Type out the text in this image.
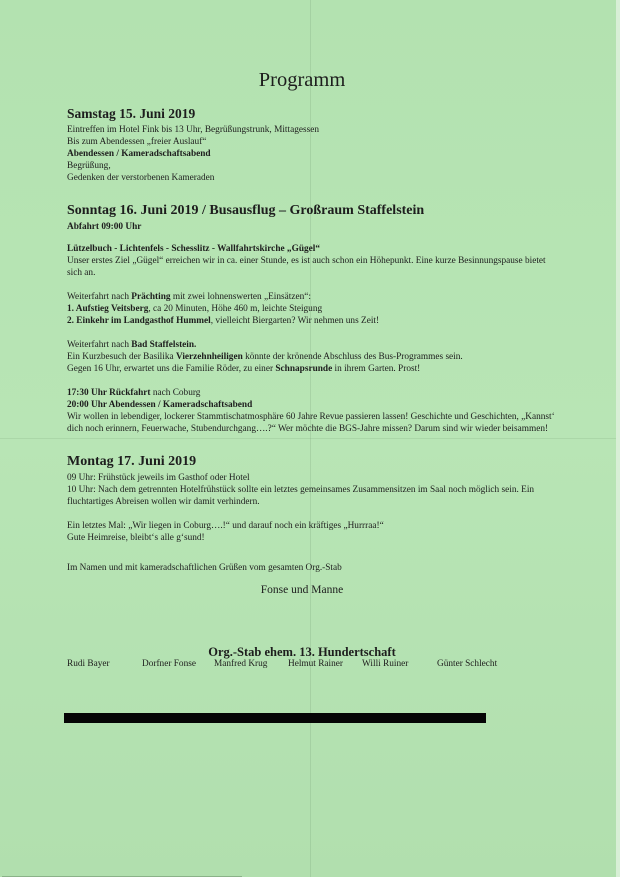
Programm
Samstag 15. Juni 2019

Eintreffen im Hotel Fink bis 13 Uhr, Begrüßungstrunk, Mittagessen

Bis zum Abendessen „freier Auslauf“

Abendessen / Kameradschaftsabend

Begrüßung,

Gedenken der verstorbenen Kameraden

Sonntag 16. Juni 2019 / Busausflug – Großraum Staffelstein

Abfahrt 09:00 Uhr

Lützelbuch - Lichtenfels - Schesslitz - Wallfahrtskirche „Gügel“

Unser erstes Ziel „Gügel“ erreichen wir in ca. einer Stunde, es ist auch schon ein Höhepunkt. Eine kurze Besinnungspause bietet sich an.

Weiterfahrt nach Prächting mit zwei lohnenswerten „Einsätzen“:

1. Aufstieg Veitsberg, ca 20 Minuten, Höhe 460 m, leichte Steigung

2. Einkehr im Landgasthof Hummel, vielleicht Biergarten? Wir nehmen uns Zeit!

Weiterfahrt nach Bad Staffelstein.

Ein Kurzbesuch der Basilika Vierzehnheiligen könnte der krönende Abschluss des Bus-Programmes sein.

Gegen 16 Uhr, erwartet uns die Familie Röder, zu einer Schnapsrunde in ihrem Garten. Prost!

17:30 Uhr Rückfahrt nach Coburg

20:00 Uhr Abendessen / Kameradschaftsabend

Wir wollen in lebendiger, lockerer Stammtischatmosphäre 60 Jahre Revue passieren lassen! Geschichte und Geschichten, „Kannst‘ dich noch erinnern, Feuerwache, Stubendurchgang….?“ Wer möchte die BGS-Jahre missen? Darum sind wir wieder beisammen!

Montag 17. Juni 2019

09 Uhr: Frühstück jeweils im Gasthof oder Hotel

10 Uhr: Nach dem getrennten Hotelfrühstück sollte ein letztes gemeinsames Zusammensitzen im Saal noch möglich sein. Ein fluchtartiges Abreisen wollen wir damit verhindern.

Ein letztes Mal: „Wir liegen in Coburg….!“ und darauf noch ein kräftiges „Hurrraa!“

Gute Heimreise, bleibt‘s alle g‘sund!

Im Namen und mit kameradschaftlichen Grüßen vom gesamten Org.-Stab

Fonse und Manne
Org.-Stab ehem. 13. Hundertschaft
Rudi Bayer	Dorfner Fonse Manfred Krug Helmut Rainer Willi Ruiner	Günter Schlecht
